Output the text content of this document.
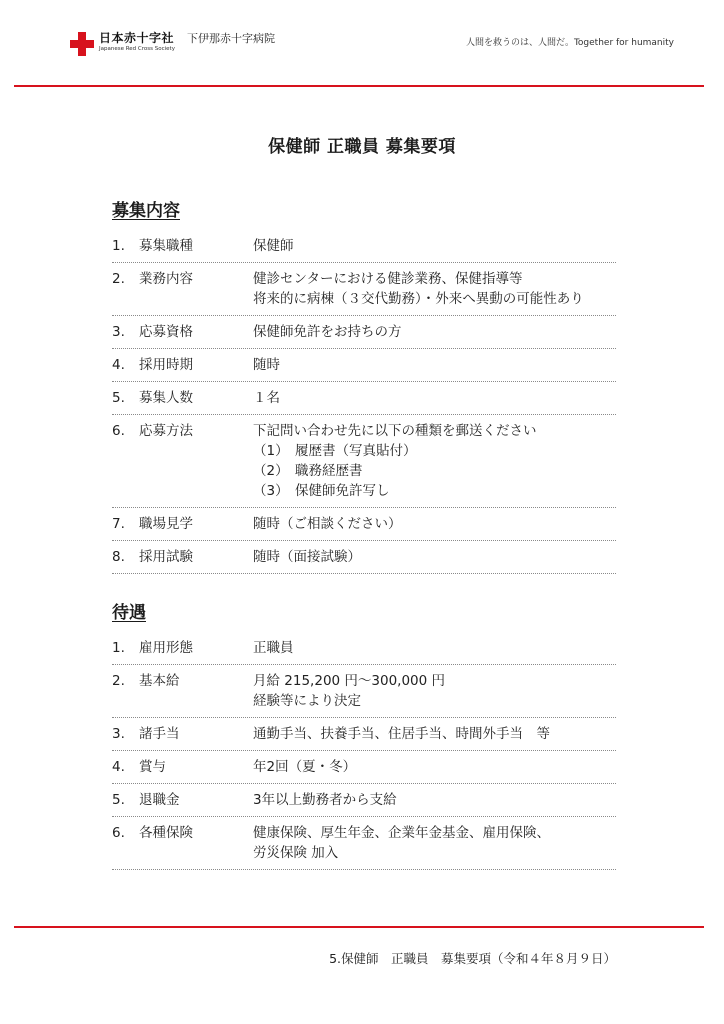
日本赤十字社
Japanese Red Cross Society
下伊那赤十字病院	人間を救うのは、人間だ。Together for humanity
保健師 正職員 募集要項
募集内容
1.	募集職種	保健師
2.	業務内容	健診センターにおける健診業務、保健指導等
将来的に病棟（３交代勤務）・外来へ異動の可能性あり
3.	応募資格	保健師免許をお持ちの方
4.	採用時期	随時
5.	募集人数	１名
6.	応募方法	下記問い合わせ先に以下の種類を郵送ください
（1） 履歴書（写真貼付）
（2） 職務経歴書
（3） 保健師免許写し
7.	職場見学	随時（ご相談ください）
8.	採用試験	随時（面接試験）
待遇
1.	雇用形態	正職員
2.	基本給	月給 215,200 円～300,000 円
経験等により決定
3.	諸手当	通勤手当、扶養手当、住居手当、時間外手当　等
4.	賞与	年2回（夏・冬）
5.	退職金	3年以上勤務者から支給
6.	各種保険	健康保険、厚生年金、企業年金基金、雇用保険、
労災保険 加入
5.保健師　正職員　募集要項（令和４年８月９日）
